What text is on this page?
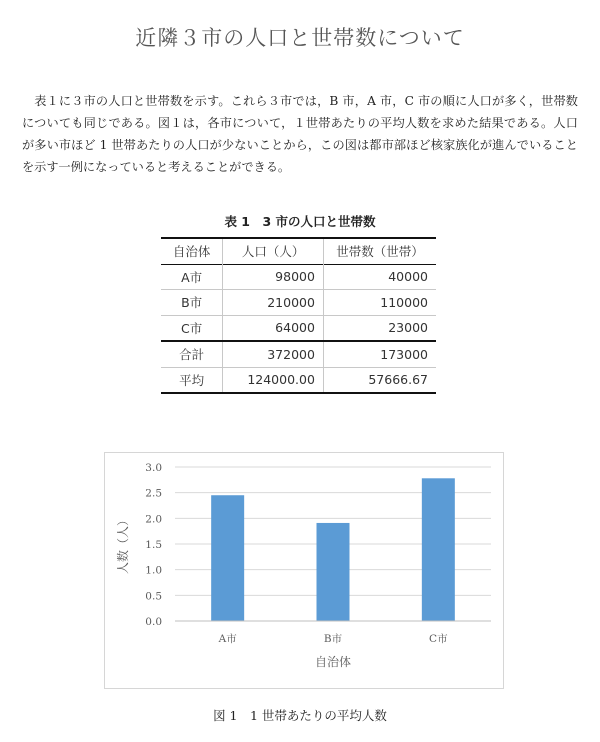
近隣３市の人口と世帯数について

表１に３市の人口と世帯数を示す。これら３市では，B 市，A 市，C 市の順に人口が多く，世帯数についても同じである。図１は，各市について，１世帯あたりの平均人数を求めた結果である。人口が多い市ほど 1 世帯あたりの人口が少ないことから，この図は都市部ほど核家族化が進んでいることを示す一例になっていると考えることができる。

表 1　3 市の人口と世帯数
自治体	人口（人）	世帯数（世帯）
A市	98000	40000
B市	210000	110000
C市	64000	23000
合計	372000	173000
平均	124000.00	57666.67
0.0
0.5
1.0
1.5
2.0
2.5
3.0
A市	B市	C市
自治体
人数（人）
図 1　1 世帯あたりの平均人数
